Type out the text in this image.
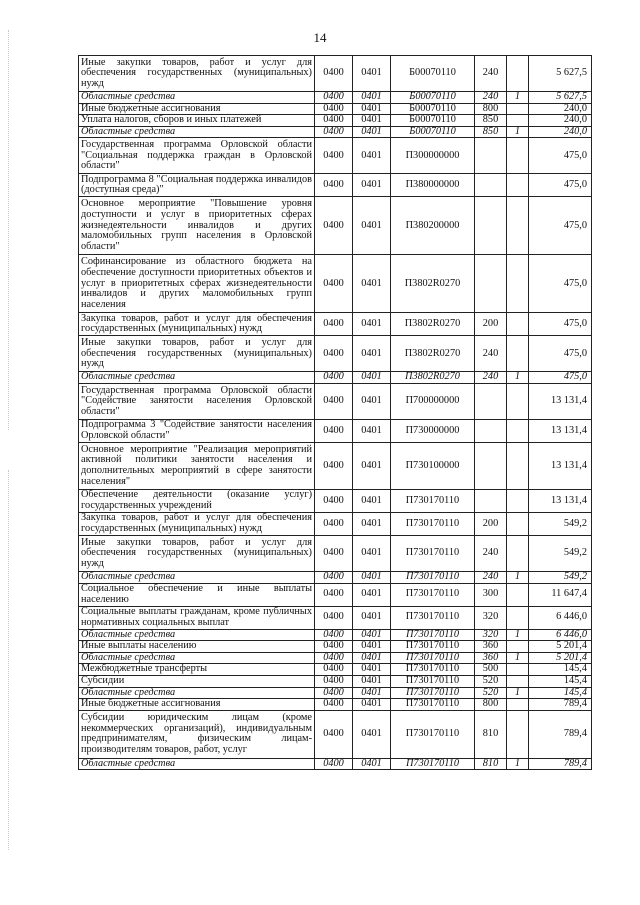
14
Иные закупки товаров, работ и услуг для обеспечения государственных (муниципальных) нужд	0400	0401	Б00070110	240		5 627,5
Областные средства	0400	0401	Б00070110	240	1	5 627,5
Иные бюджетные ассигнования	0400	0401	Б00070110	800		240,0
Уплата налогов, сборов и иных платежей	0400	0401	Б00070110	850		240,0
Областные средства	0400	0401	Б00070110	850	1	240,0
Государственная программа Орловской области "Социальная поддержка граждан в Орловской области"	0400	0401	П300000000			475,0
Подпрограмма 8 "Социальная поддержка инвалидов (доступная среда)"	0400	0401	П380000000			475,0
Основное мероприятие "Повышение уровня доступности и услуг в приоритетных сферах жизнедеятельности инвалидов и других маломобильных групп населения в Орловской области"	0400	0401	П380200000			475,0
Софинансирование из областного бюджета на обеспечение доступности приоритетных объектов и услуг в приоритетных сферах жизнедеятельности инвалидов и других маломобильных групп населения	0400	0401	П3802R0270			475,0
Закупка товаров, работ и услуг для обеспечения государственных (муниципальных) нужд	0400	0401	П3802R0270	200		475,0
Иные закупки товаров, работ и услуг для обеспечения государственных (муниципальных) нужд	0400	0401	П3802R0270	240		475,0
Областные средства	0400	0401	П3802R0270	240	1	475,0
Государственная программа Орловской области "Содействие занятости населения Орловской области"	0400	0401	П700000000			13 131,4
Подпрограмма 3 "Содействие занятости населения Орловской области"	0400	0401	П730000000			13 131,4
Основное мероприятие "Реализация мероприятий активной политики занятости населения и дополнительных мероприятий в сфере занятости населения"	0400	0401	П730100000			13 131,4
Обеспечение деятельности (оказание услуг) государственных учреждений	0400	0401	П730170110			13 131,4
Закупка товаров, работ и услуг для обеспечения государственных (муниципальных) нужд	0400	0401	П730170110	200		549,2
Иные закупки товаров, работ и услуг для обеспечения государственных (муниципальных) нужд	0400	0401	П730170110	240		549,2
Областные средства	0400	0401	П730170110	240	1	549,2
Социальное обеспечение и иные выплаты населению	0400	0401	П730170110	300		11 647,4
Социальные выплаты гражданам, кроме публичных нормативных социальных выплат	0400	0401	П730170110	320		6 446,0
Областные средства	0400	0401	П730170110	320	1	6 446,0
Иные выплаты населению	0400	0401	П730170110	360		5 201,4
Областные средства	0400	0401	П730170110	360	1	5 201,4
Межбюджетные трансферты	0400	0401	П730170110	500		145,4
Субсидии	0400	0401	П730170110	520		145,4
Областные средства	0400	0401	П730170110	520	1	145,4
Иные бюджетные ассигнования	0400	0401	П730170110	800		789,4
Субсидии юридическим лицам (кроме некоммерческих организаций), индивидуальным предпринимателям, физическим лицам-производителям товаров, работ, услуг	0400	0401	П730170110	810		789,4
Областные средства	0400	0401	П730170110	810	1	789,4
